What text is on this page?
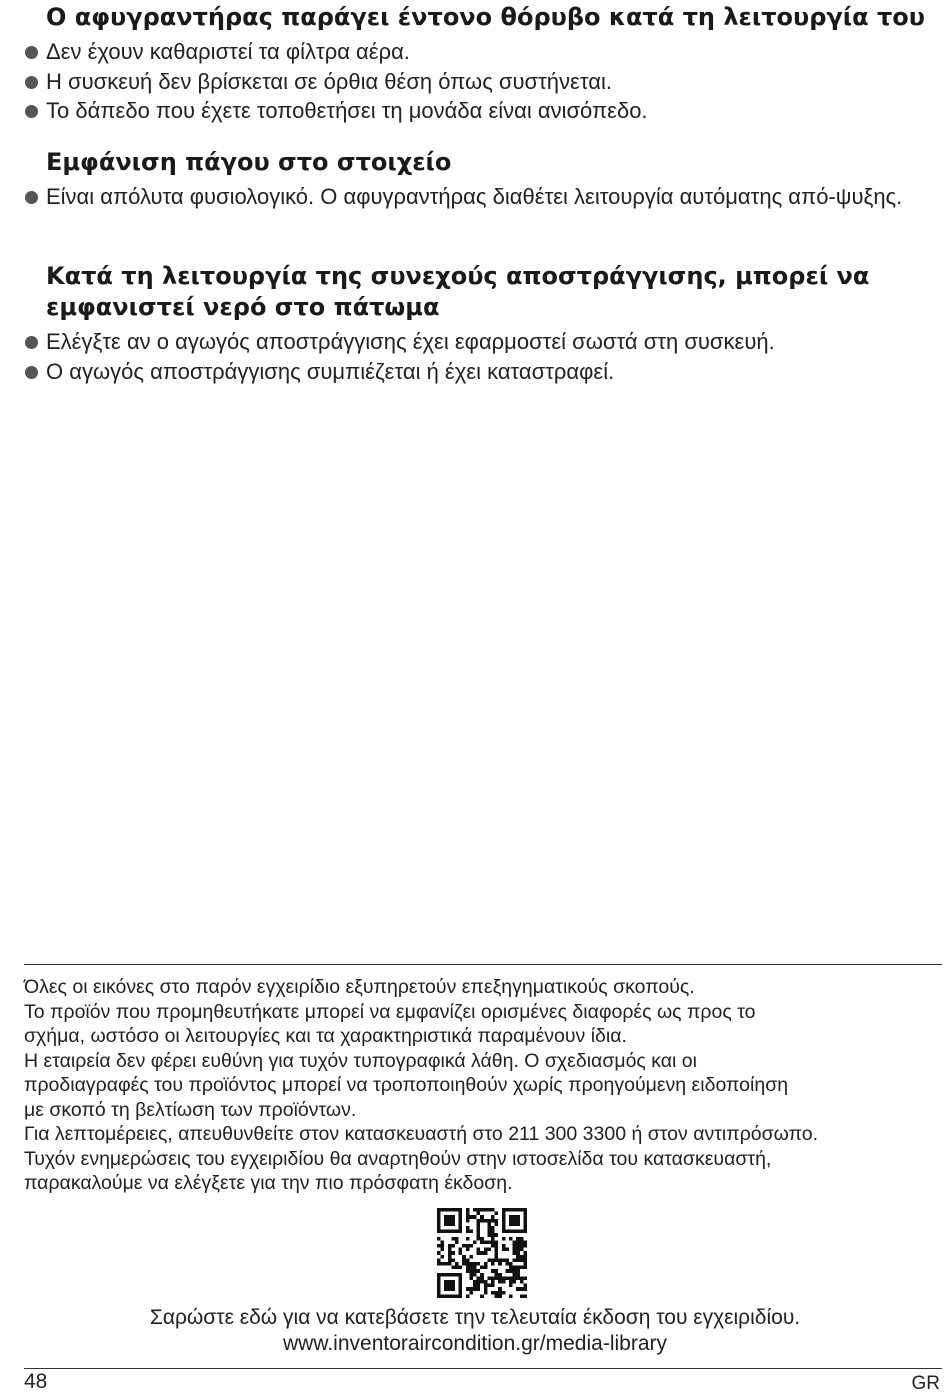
Ο αφυγραντήρας παράγει έντονο θόρυβο κατά τη λειτουργία του
Δεν έχουν καθαριστεί τα φίλτρα αέρα.
Η συσκευή δεν βρίσκεται σε όρθια θέση όπως συστήνεται.
Το δάπεδο που έχετε τοποθετήσει τη μονάδα είναι ανισόπεδο.
Εμφάνιση πάγου στο στοιχείο
Είναι απόλυτα φυσιολογικό. Ο αφυγραντήρας διαθέτει λειτουργία αυτόματης από-ψυξης.
Κατά τη λειτουργία της συνεχούς αποστράγγισης, μπορεί να
εμφανιστεί νερό στο πάτωμα
Ελέγξτε αν ο αγωγός αποστράγγισης έχει εφαρμοστεί σωστά στη συσκευή.
Ο αγωγός αποστράγγισης συμπιέζεται ή έχει καταστραφεί.

Όλες οι εικόνες στο παρόν εγχειρίδιο εξυπηρετούν επεξηγηματικούς σκοπούς.

Το προϊόν που προμηθευτήκατε μπορεί να εμφανίζει ορισμένες διαφορές ως προς το

σχήμα, ωστόσο οι λειτουργίες και τα χαρακτηριστικά παραμένουν ίδια.

Η εταιρεία δεν φέρει ευθύνη για τυχόν τυπογραφικά λάθη. Ο σχεδιασμός και οι

προδιαγραφές του προϊόντος μπορεί να τροποποιηθούν χωρίς προηγούμενη ειδοποίηση

με σκοπό τη βελτίωση των προϊόντων.

Για λεπτομέρειες, απευθυνθείτε στον κατασκευαστή στο 211 300 3300 ή στον αντιπρόσωπο.

Τυχόν ενημερώσεις του εγχειριδίου θα αναρτηθούν στην ιστοσελίδα του κατασκευαστή,

παρακαλούμε να ελέγξετε για την πιο πρόσφατη έκδοση.

Σαρώστε εδώ για να κατεβάσετε την τελευταία έκδοση του εγχειριδίου.

www.inventoraircondition.gr/media-library

48	GR
